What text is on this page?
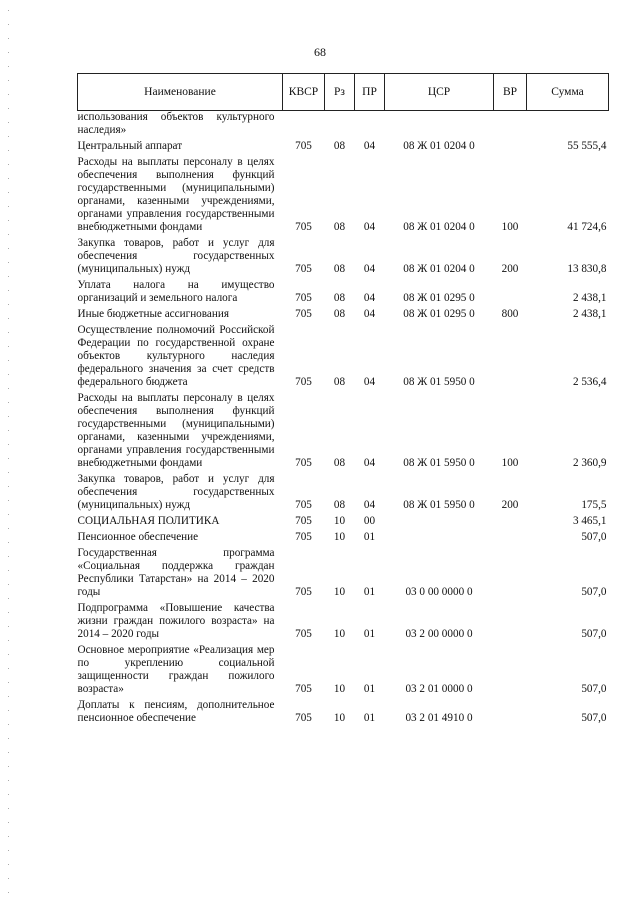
68
Наименование	КВСР	Рз	ПР	ЦСР	ВР	Сумма
использования объектов культурного наследия»						
Центральный аппарат	705	08	04	08 Ж 01 0204 0		55 555,4
Расходы на выплаты персоналу в целях обеспечения выполнения функций государственными (муниципальными) органами, казенными учреждениями, органами управления государственными внебюджетными фондами	705	08	04	08 Ж 01 0204 0	100	41 724,6
Закупка товаров, работ и услуг для обеспечения государственных (муниципальных) нужд	705	08	04	08 Ж 01 0204 0	200	13 830,8
Уплата налога на имущество организаций и земельного налога	705	08	04	08 Ж 01 0295 0		2 438,1
Иные бюджетные ассигнования	705	08	04	08 Ж 01 0295 0	800	2 438,1
Осуществление полномочий Российской Федерации по государственной охране объектов культурного наследия федерального значения за счет средств федерального бюджета	705	08	04	08 Ж 01 5950 0		2 536,4
Расходы на выплаты персоналу в целях обеспечения выполнения функций государственными (муниципальными) органами, казенными учреждениями, органами управления государственными внебюджетными фондами	705	08	04	08 Ж 01 5950 0	100	2 360,9
Закупка товаров, работ и услуг для обеспечения государственных (муниципальных) нужд	705	08	04	08 Ж 01 5950 0	200	175,5
СОЦИАЛЬНАЯ ПОЛИТИКА	705	10	00			3 465,1
Пенсионное обеспечение	705	10	01			507,0
Государственная программа «Социальная поддержка граждан Республики Татарстан» на 2014 – 2020 годы	705	10	01	03 0 00 0000 0		507,0
Подпрограмма «Повышение качества жизни граждан пожилого возраста» на 2014 – 2020 годы	705	10	01	03 2 00 0000 0		507,0
Основное мероприятие «Реализация мер по укреплению социальной защищенности граждан пожилого возраста»	705	10	01	03 2 01 0000 0		507,0
Доплаты к пенсиям, дополнительное пенсионное обеспечение	705	10	01	03 2 01 4910 0		507,0
